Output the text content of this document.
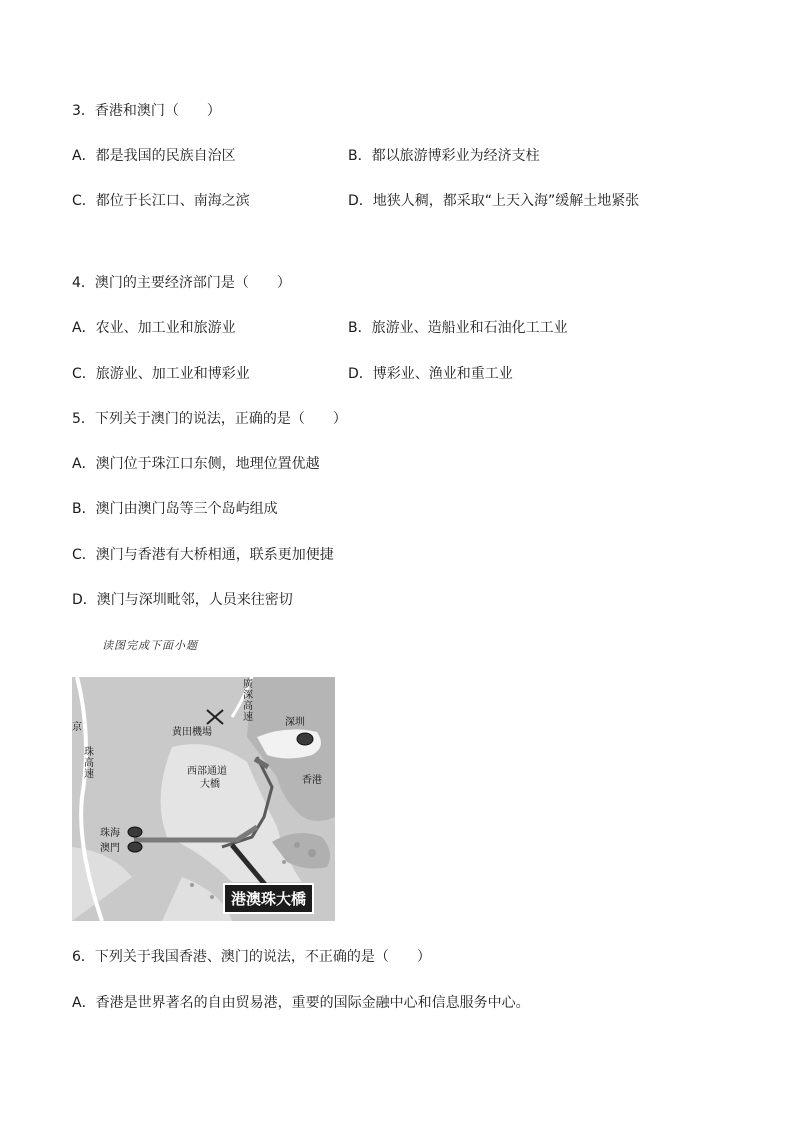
3．香港和澳门（　　）
A．都是我国的民族自治区	B．都以旅游博彩业为经济支柱
C．都位于长江口、南海之滨	D．地狭人稠，都采取“上天入海”缓解土地紧张
4．澳门的主要经济部门是（　　）
A．农业、加工业和旅游业	B．旅游业、造船业和石油化工工业
C．旅游业、加工业和博彩业	D．博彩业、渔业和重工业
5．下列关于澳门的说法，正确的是（　　）
A．澳门位于珠江口东侧，地理位置优越
B．澳门由澳门岛等三个岛屿组成
C．澳门与香港有大桥相通，联系更加便捷
D．澳门与深圳毗邻，人员来往密切
读图完成下面小题
廣深高速
黄田機場
深圳
西部通道
大橋	香港
京
珠高速
珠海
澳門
港澳珠大橋
6．下列关于我国香港、澳门的说法，不正确的是（　　）
A．香港是世界著名的自由贸易港，重要的国际金融中心和信息服务中心。
